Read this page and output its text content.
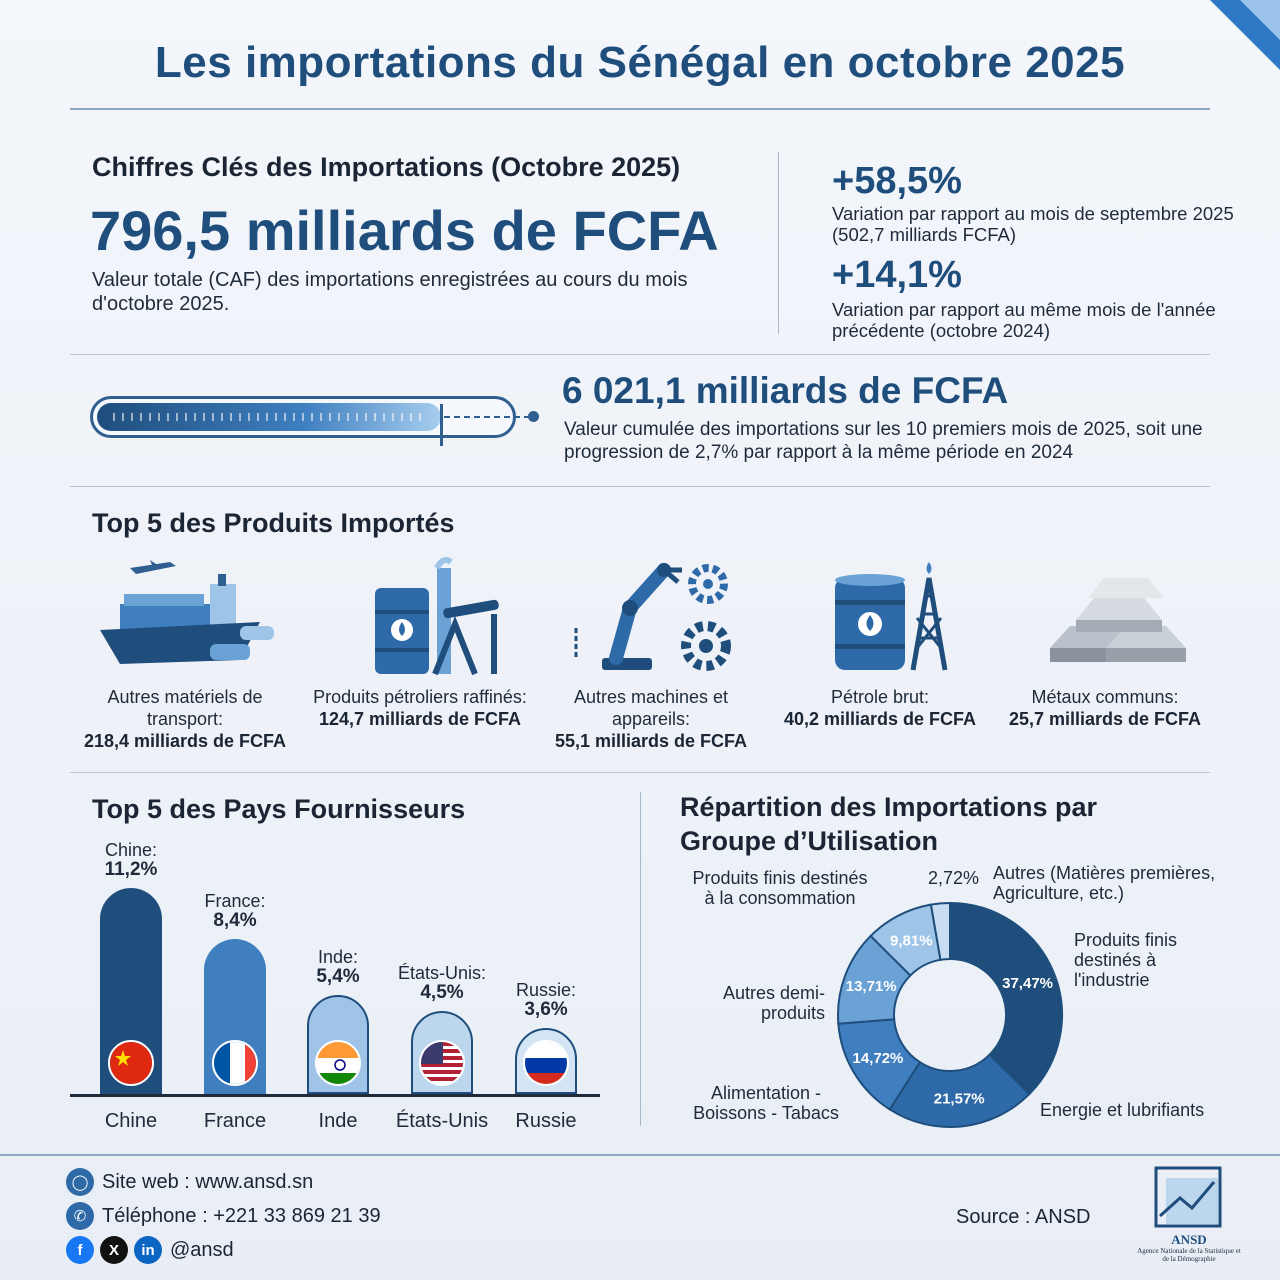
Les importations du Sénégal en octobre 2025
Chiffres Clés des Importations (Octobre 2025)
796,5 milliards de FCFA
Valeur totale (CAF) des importations enregistrées au cours du mois d'octobre 2025.
+58,5%
Variation par rapport au mois de septembre 2025 (502,7 milliards FCFA)
+14,1%
Variation par rapport au même mois de l'année précédente (octobre 2024)
6 021,1 milliards de FCFA
Valeur cumulée des importations sur les 10 premiers mois de 2025, soit une progression de 2,7% par rapport à la même période en 2024
Top 5 des Produits Importés
Autres matériels de transport:
218,4 milliards de FCFA
Produits pétroliers raffinés:
124,7 milliards de FCFA
Autres machines et appareils:
55,1 milliards de FCFA
Pétrole brut:
40,2 milliards de FCFA
Métaux communs:
25,7 milliards de FCFA
Top 5 des Pays Fournisseurs
Chine:
11,2%
Chine
France:
8,4%
France
Inde:
5,4%
Inde
États-Unis:
4,5%
États-Unis
Russie:
3,6%
Russie
Répartition des Importations par
Groupe d’Utilisation
37,47%
21,57%
14,72%
13,71%
9,81%
Produits finis destinés à la consommation
2,72% Autres (Matières premières, Agriculture, etc.)
Produits finis destinés à l'industrie
Autres demi-produits
Alimentation - Boissons - Tabacs	Energie et lubrifiants
◯ Site web : www.ansd.sn
✆ Téléphone : +221 33 869 21 39
f	X	in @ansd
Source : ANSD
ANSD
Agence Nationale de la Statistique et de la Démographie
